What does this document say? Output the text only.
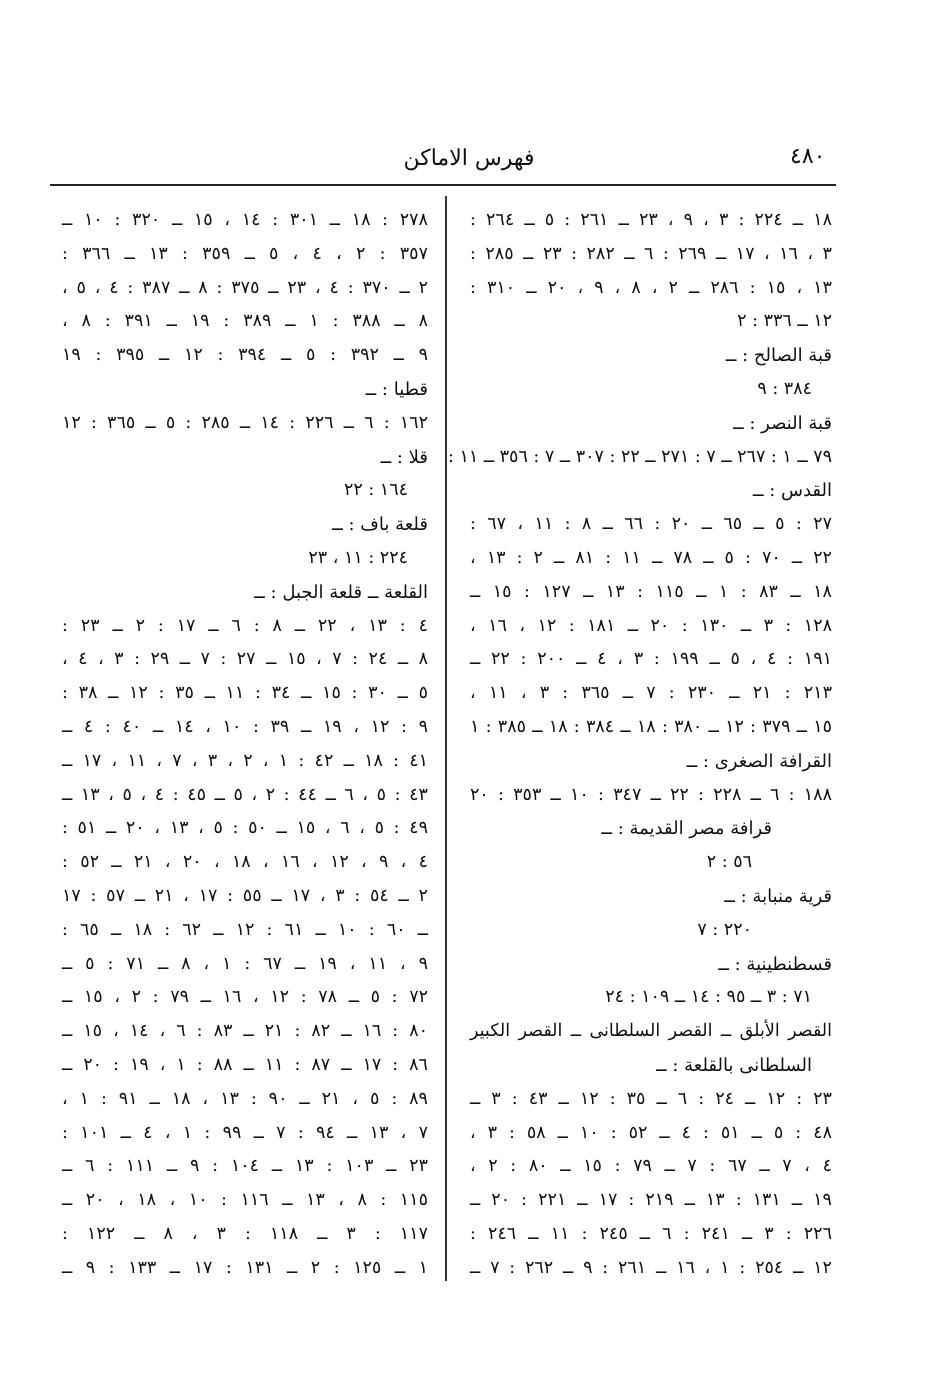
٤٨٠
فهرس الاماكن
١٨ ــ ٢٢٤ : ٣ ، ٩ ، ٢٣ ــ ٢٦١ : ٥ ــ ٢٦٤ :
٣ ، ١٦ ، ١٧ ــ ٢٦٩ : ٦ ــ ٢٨٢ : ٢٣ ــ ٢٨٥ :
١٣ ، ١٥ : ٢٨٦ ــ ٢ ، ٨ ، ٩ ، ٢٠ ــ ٣١٠ :
١٢ ــ ٣٣٦ : ٢
قبة الصالح : ــ
٣٨٤ : ٩
قبة النصر : ــ
٧٩ ــ ١ : ٢٦٧ ــ ٧ : ٢٧١ ــ ٢٢ : ٣٠٧ ــ ٧ : ٣٥٦ ــ ١١ :
القدس : ــ
٢٧ : ٥ ــ ٦٥ ــ ٢٠ : ٦٦ ــ ٨ : ١١ ، ٦٧ :
٢٢ ــ ٧٠ : ٥ ــ ٧٨ ــ ١١ : ٨١ ــ ٢ : ١٣ ،
١٨ ــ ٨٣ : ١ ــ ١١٥ : ١٣ ــ ١٢٧ : ١٥ ــ
١٢٨ : ٣ ــ ١٣٠ : ٢٠ ــ ١٨١ : ١٢ ، ١٦ ،
١٩١ : ٤ ، ٥ ــ ١٩٩ : ٣ ، ٤ ــ ٢٠٠ : ٢٢ ــ
٢١٣ : ٢١ ــ ٢٣٠ : ٧ ــ ٣٦٥ : ٣ ، ١١ ،
١٥ ــ ٣٧٩ : ١٢ ــ ٣٨٠ : ١٨ ــ ٣٨٤ : ١٨ ــ ٣٨٥ : ١
القرافة الصغرى : ــ
١٨٨ : ٦ ــ ٢٢٨ : ٢٢ ــ ٣٤٧ : ١٠ ــ ٣٥٣ : ٢٠
قرافة مصر القديمة : ــ
٥٦ : ٢
قرية منبابة : ــ
٢٢٠ : ٧
قسطنطينية : ــ
٧١ : ٣ ــ ٩٥ : ١٤ ــ ١٠٩ : ٢٤
القصر الأبلق ــ القصر السلطانى ــ القصر الكبير
السلطانى بالقلعة : ــ
٢٣ : ١٢ ــ ٢٤ : ٦ ــ ٣٥ : ١٢ ــ ٤٣ : ٣ ــ
٤٨ : ٥ ــ ٥١ : ٤ ــ ٥٢ : ١٠ ــ ٥٨ : ٣ ،
٤ ، ٧ ــ ٦٧ : ٧ ــ ٧٩ : ١٥ ــ ٨٠ : ٢ ،
١٩ ــ ١٣١ : ١٣ ــ ٢١٩ : ١٧ ــ ٢٢١ : ٢٠ ــ
٢٢٦ : ٣ ــ ٢٤١ : ٦ ــ ٢٤٥ : ١١ ــ ٢٤٦ :
١٢ ــ ٢٥٤ : ١ ، ١٦ ــ ٢٦١ : ٩ ــ ٢٦٢ : ٧ ــ
٢٧٨ : ١٨ ــ ٣٠١ : ١٤ ، ١٥ ــ ٣٢٠ : ١٠ ــ
٣٥٧ : ٢ ، ٤ ، ٥ ــ ٣٥٩ : ١٣ ــ ٣٦٦ :
٢ ــ ٣٧٠ : ٤ ، ٢٣ ــ ٣٧٥ : ٨ ــ ٣٨٧ : ٤ ، ٥ ،
٨ ــ ٣٨٨ : ١ ــ ٣٨٩ : ١٩ ــ ٣٩١ : ٨ ،
٩ ــ ٣٩٢ : ٥ ــ ٣٩٤ : ١٢ ــ ٣٩٥ : ١٩
قطيا : ــ
١٦٢ : ٦ ــ ٢٢٦ : ١٤ ــ ٢٨٥ : ٥ ــ ٣٦٥ : ١٢
قلا : ــ
١٦٤ : ٢٢
قلعة باف : ــ
٢٢٤ : ١١ ، ٢٣
القلعة ــ قلعة الجبل : ــ
٤ : ١٣ ، ٢٢ ــ ٨ : ٦ ــ ١٧ : ٢ ــ ٢٣ :
٨ ــ ٢٤ : ٧ ، ١٥ ــ ٢٧ : ٧ ــ ٢٩ : ٣ ، ٤ ،
٥ ــ ٣٠ : ١٥ ــ ٣٤ : ١١ ــ ٣٥ : ١٢ ــ ٣٨ :
٩ : ١٢ ، ١٩ ــ ٣٩ : ١٠ ، ١٤ ــ ٤٠ : ٤ ــ
٤١ : ١٨ ــ ٤٢ : ١ ، ٢ ، ٣ ، ٧ ، ١١ ، ١٧ ــ
٤٣ : ٥ ، ٦ ــ ٤٤ : ٢ ، ٥ ــ ٤٥ : ٤ ، ٥ ، ١٣ ــ
٤٩ : ٥ ، ٦ ، ١٥ ــ ٥٠ : ٥ ، ١٣ ، ٢٠ ــ ٥١ :
٤ ، ٩ ، ١٢ ، ١٦ ، ١٨ ، ٢٠ ، ٢١ ــ ٥٢ :
٢ ــ ٥٤ : ٣ ، ١٧ ــ ٥٥ : ١٧ ، ٢١ ــ ٥٧ : ١٧
ــ ٦٠ : ١٠ ــ ٦١ : ١٢ ــ ٦٢ : ١٨ ــ ٦٥ :
٩ ، ١١ ، ١٩ ــ ٦٧ : ١ ، ٨ ــ ٧١ : ٥ ــ
٧٢ : ٥ ــ ٧٨ : ١٢ ، ١٦ ــ ٧٩ : ٢ ، ١٥ ــ
٨٠ : ١٦ ــ ٨٢ : ٢١ ــ ٨٣ : ٦ ، ١٤ ، ١٥ ــ
٨٦ : ١٧ ــ ٨٧ : ١١ ــ ٨٨ : ١ ، ١٩ : ٢٠ ــ
٨٩ : ٥ ، ٢١ ــ ٩٠ : ١٣ ، ١٨ ــ ٩١ : ١ ،
٧ ، ١٣ ــ ٩٤ : ٧ ــ ٩٩ : ١ ، ٤ ــ ١٠١ :
٢٣ ــ ١٠٣ : ١٣ ــ ١٠٤ : ٩ ــ ١١١ : ٦ ــ
١١٥ : ٨ ، ١٣ ــ ١١٦ : ١٠ ، ١٨ ، ٢٠ ــ
١١٧ : ٣ ــ ١١٨ : ٣ ، ٨ ــ ١٢٢ :
١ ــ ١٢٥ : ٢ ــ ١٣١ : ١٧ ــ ١٣٣ : ٩ ــ
